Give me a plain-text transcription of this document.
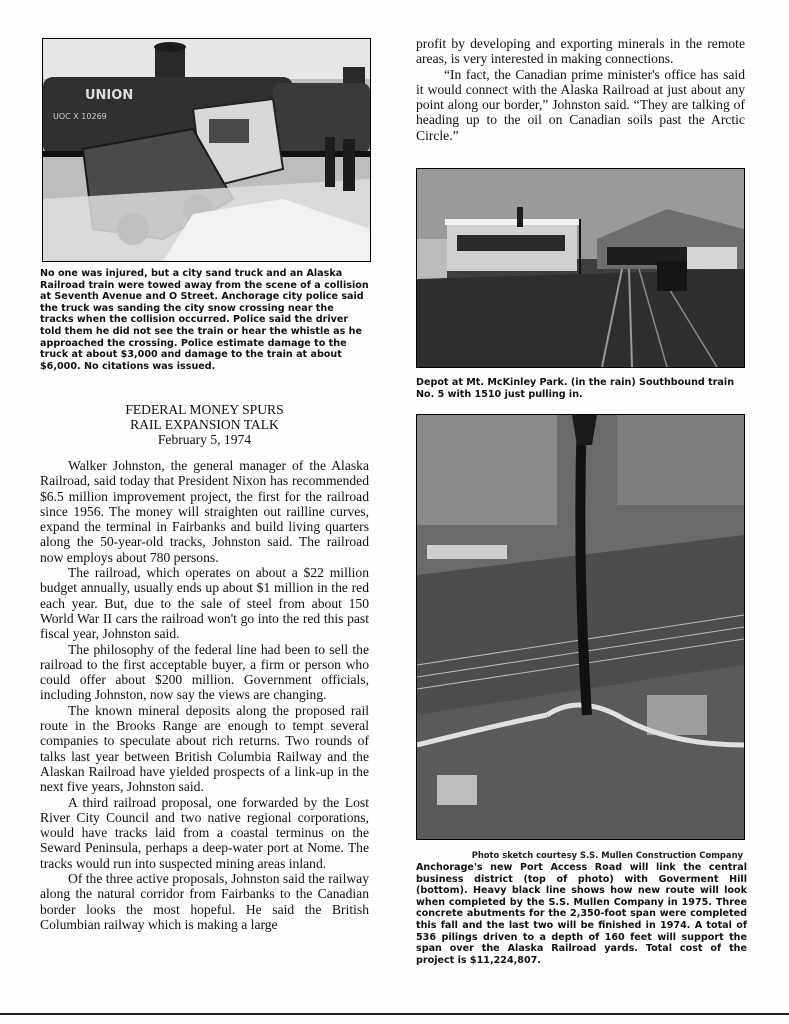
UNION
UOC X 10269

No one was injured, but a city sand truck and an Alaska Railroad train were towed away from the scene of a collision at Seventh Avenue and O Street. Anchorage city police said the truck was sanding the city snow crossing near the tracks when the collision occurred. Police said the driver told them he did not see the train or hear the whistle as he approached the crossing. Police estimate damage to the truck at about $3,000 and damage to the train at about $6,000. No citations was issued.

FEDERAL MONEY SPURS
RAIL EXPANSION TALK
February 5, 1974

Walker Johnston, the general manager of the Alaska Railroad, said today that President Nixon has recommended $6.5 million improvement project, the first for the railroad since 1956. The money will straighten out railline curves, expand the terminal in Fairbanks and build living quarters along the 50-year-old tracks, Johnston said. The railroad now employs about 780 persons.

The railroad, which operates on about a $22 million budget annually, usually ends up about $1 million in the red each year. But, due to the sale of steel from about 150 World War II cars the railroad won't go into the red this past fiscal year, Johnston said.

The philosophy of the federal line had been to sell the railroad to the first acceptable buyer, a firm or person who could offer about $200 million. Government officials, including Johnston, now say the views are changing.

The known mineral deposits along the proposed rail route in the Brooks Range are enough to tempt several companies to speculate about rich returns. Two rounds of talks last year between British Columbia Railway and the Alaskan Railroad have yielded prospects of a link-up in the next five years, Johnston said.

A third railroad proposal, one forwarded by the Lost River City Council and two native regional corporations, would have tracks laid from a coastal terminus on the Seward Peninsula, perhaps a deep-water port at Nome. The tracks would run into suspected mining areas inland.

Of the three active proposals, Johnston said the railway along the natural corridor from Fairbanks to the Canadian border looks the most hopeful. He said the British Columbian railway which is making a large

profit by developing and exporting minerals in the remote areas, is very interested in making connections.

“In fact, the Canadian prime minister's office has said it would connect with the Alaska Railroad at just about any point along our border,” Johnston said. “They are talking of heading up to the oil on Canadian soils past the Arctic Circle.”

Depot at Mt. McKinley Park. (in the rain) Southbound train No. 5 with 1510 just pulling in.

Photo sketch courtesy S.S. Mullen Construction Company

Anchorage's new Port Access Road will link the central business district (top of photo) with Goverment Hill (bottom). Heavy black line shows how new route will look when completed by the S.S. Mullen Company in 1975. Three concrete abutments for the 2,350-foot span were completed this fall and the last two will be finished in 1974. A total of 536 pilings driven to a depth of 160 feet will support the span over the Alaska Railroad yards. Total cost of the project is $11,224,807.
